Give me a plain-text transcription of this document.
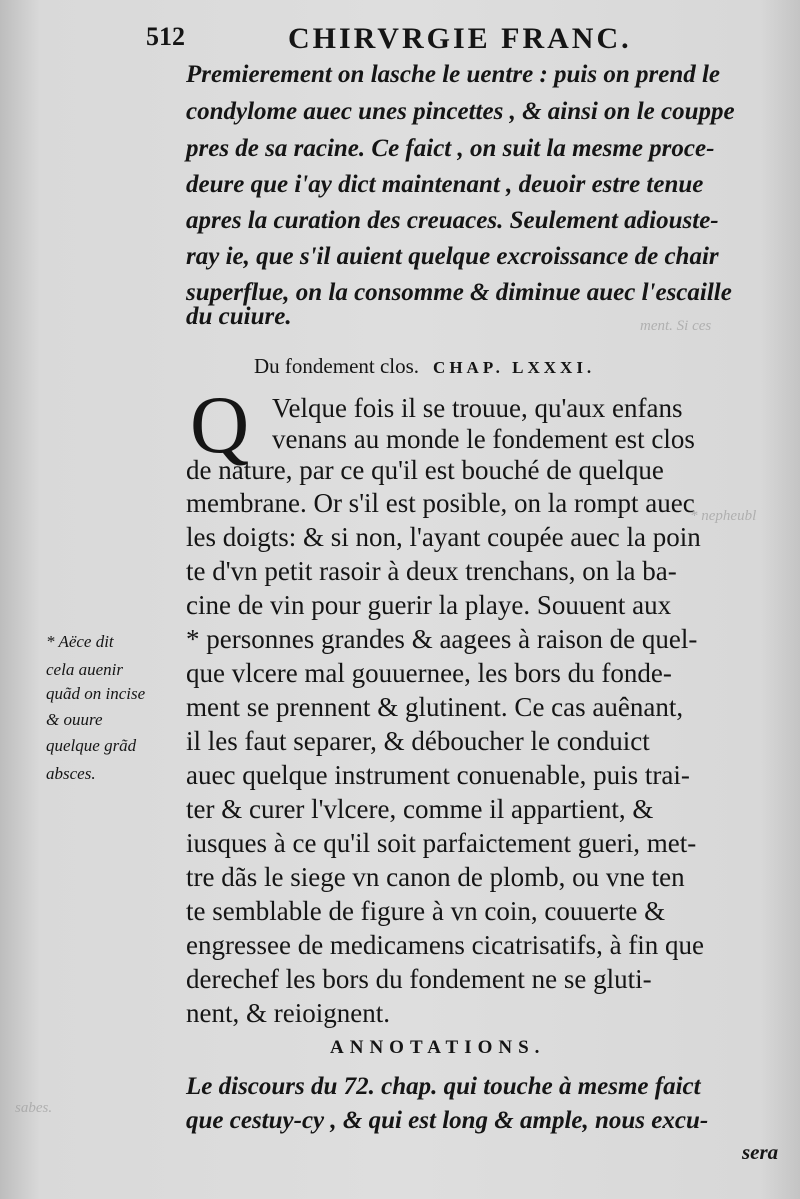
ment. Si ces
* nepheubl
sabes.
512	CHIRVRGIE FRANC.
Premierement on lasche le uentre : puis on prend le
condylome auec unes pincettes , & ainsi on le couppe
pres de sa racine. Ce faict , on suit la mesme proce-
deure que i'ay dict maintenant , deuoir estre tenue
apres la curation des creuaces. Seulement adiouste-
ray ie, que s'il auient quelque excroissance de chair
superflue, on la consomme & diminue auec l'escaille
du cuiure.
Du fondement clos. CHAP. LXXXI.
Q Velque fois il se trouue, qu'aux enfans
venans au monde le fondement est clos
de nature, par ce qu'il est bouché de quelque
membrane. Or s'il est posible, on la rompt auec
les doigts: & si non, l'ayant coupée auec la poin
te d'vn petit rasoir à deux trenchans, on la ba-
cine de vin pour guerir la playe. Souuent aux
* personnes grandes & aagees à raison de quel-
que vlcere mal gouuernee, les bors du fonde-
ment se prennent & glutinent. Ce cas auênant,
il les faut separer, & déboucher le conduict
auec quelque instrument conuenable, puis trai-
ter & curer l'vlcere, comme il appartient, &
iusques à ce qu'il soit parfaictement gueri, met-
tre dãs le siege vn canon de plomb, ou vne ten
te semblable de figure à vn coin, couuerte &
engressee de medicamens cicatrisatifs, à fin que
derechef les bors du fondement ne se gluti-
nent, & reioignent.
* Aëce dit
cela auenir
quãd on incise
& ouure
quelque grãd
absces.
ANNOTATIONS.
Le discours du 72. chap. qui touche à mesme faict
que cestuy-cy , & qui est long & ample, nous excu-
sera
